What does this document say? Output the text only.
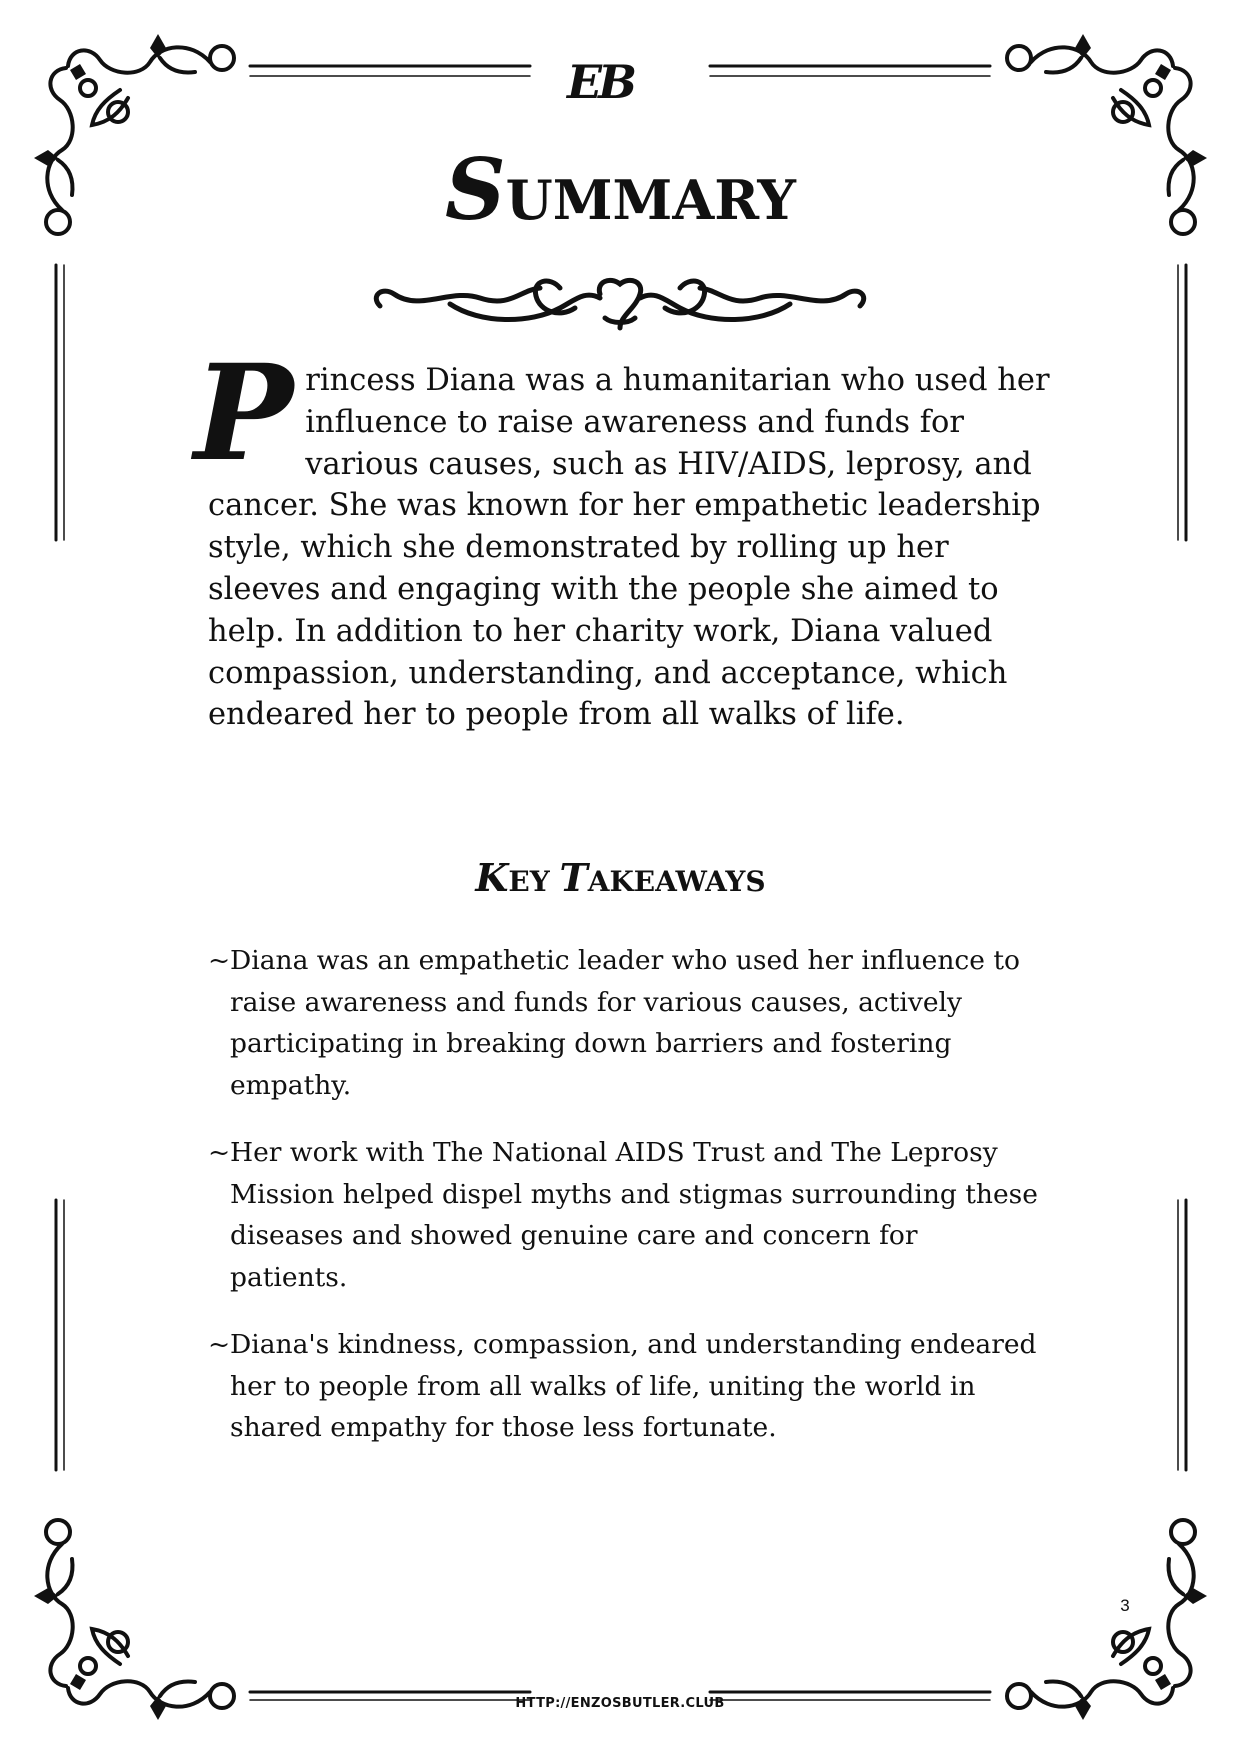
EB
SUMMARY
Princess Diana was a humanitarian who used her influence to raise awareness and funds for various causes, such as HIV/AIDS, leprosy, and cancer. She was known for her empathetic leadership style, which she demonstrated by rolling up her sleeves and engaging with the people she aimed to help. In addition to her charity work, Diana valued compassion, understanding, and acceptance, which endeared her to people from all walks of life.
KEY TAKEAWAYS
~ Diana was an empathetic leader who used her influence to raise awareness and funds for various causes, actively participating in breaking down barriers and fostering empathy.
~ Her work with The National AIDS Trust and The Leprosy Mission helped dispel myths and stigmas surrounding these diseases and showed genuine care and concern for patients.
~ Diana's kindness, compassion, and understanding endeared her to people from all walks of life, uniting the world in shared empathy for those less fortunate.
3
HTTP://ENZOSBUTLER.CLUB
